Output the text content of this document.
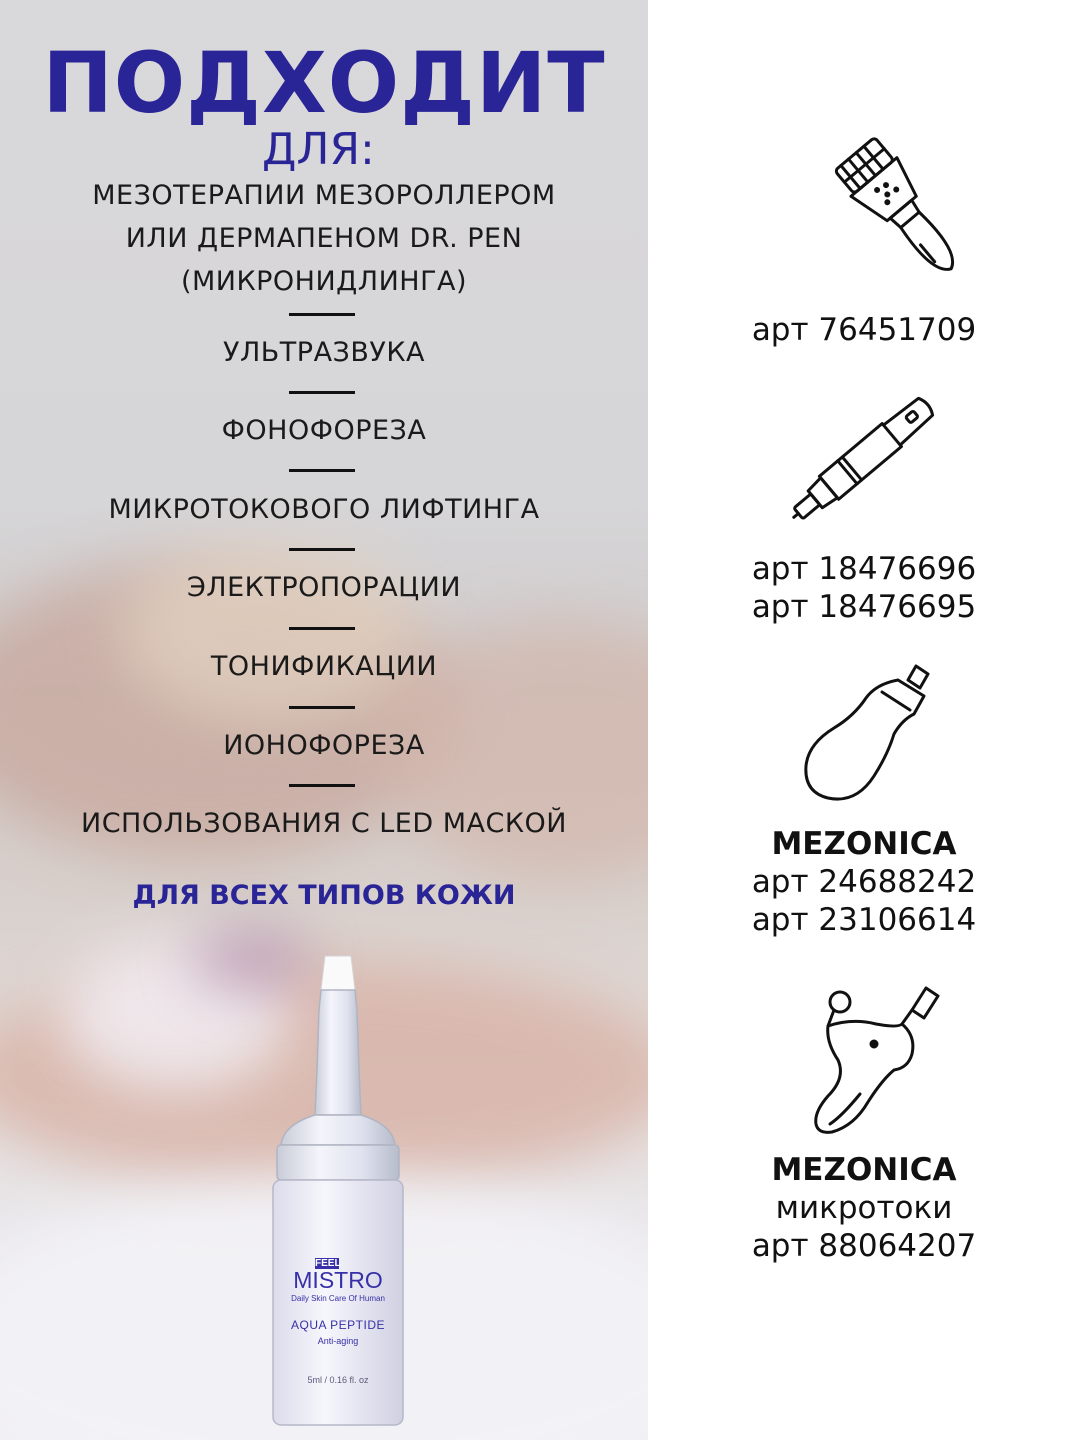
ПОДХОДИТ
ДЛЯ:
МЕЗОТЕРАПИИ МЕЗОРОЛЛЕРОМ
ИЛИ ДЕРМАПЕНОМ DR. PEN
(МИКРОНИДЛИНГА)
УЛЬТРАЗВУКА
ФОНОФОРЕЗА
МИКРОТОКОВОГО ЛИФТИНГА
ЭЛЕКТРОПОРАЦИИ
ТОНИФИКАЦИИ
ИОНОФОРЕЗА
ИСПОЛЬЗОВАНИЯ С LED МАСКОЙ
ДЛЯ ВСЕХ ТИПОВ КОЖИ
FEEL
MISTRO
Daily Skin Care Of Human
AQUA PEPTIDE
Anti-aging
5ml / 0.16 fl. oz
арт 76451709
арт 18476696
арт 18476695
MEZONICA
арт 24688242
арт 23106614
MEZONICA
микротоки
арт 88064207
